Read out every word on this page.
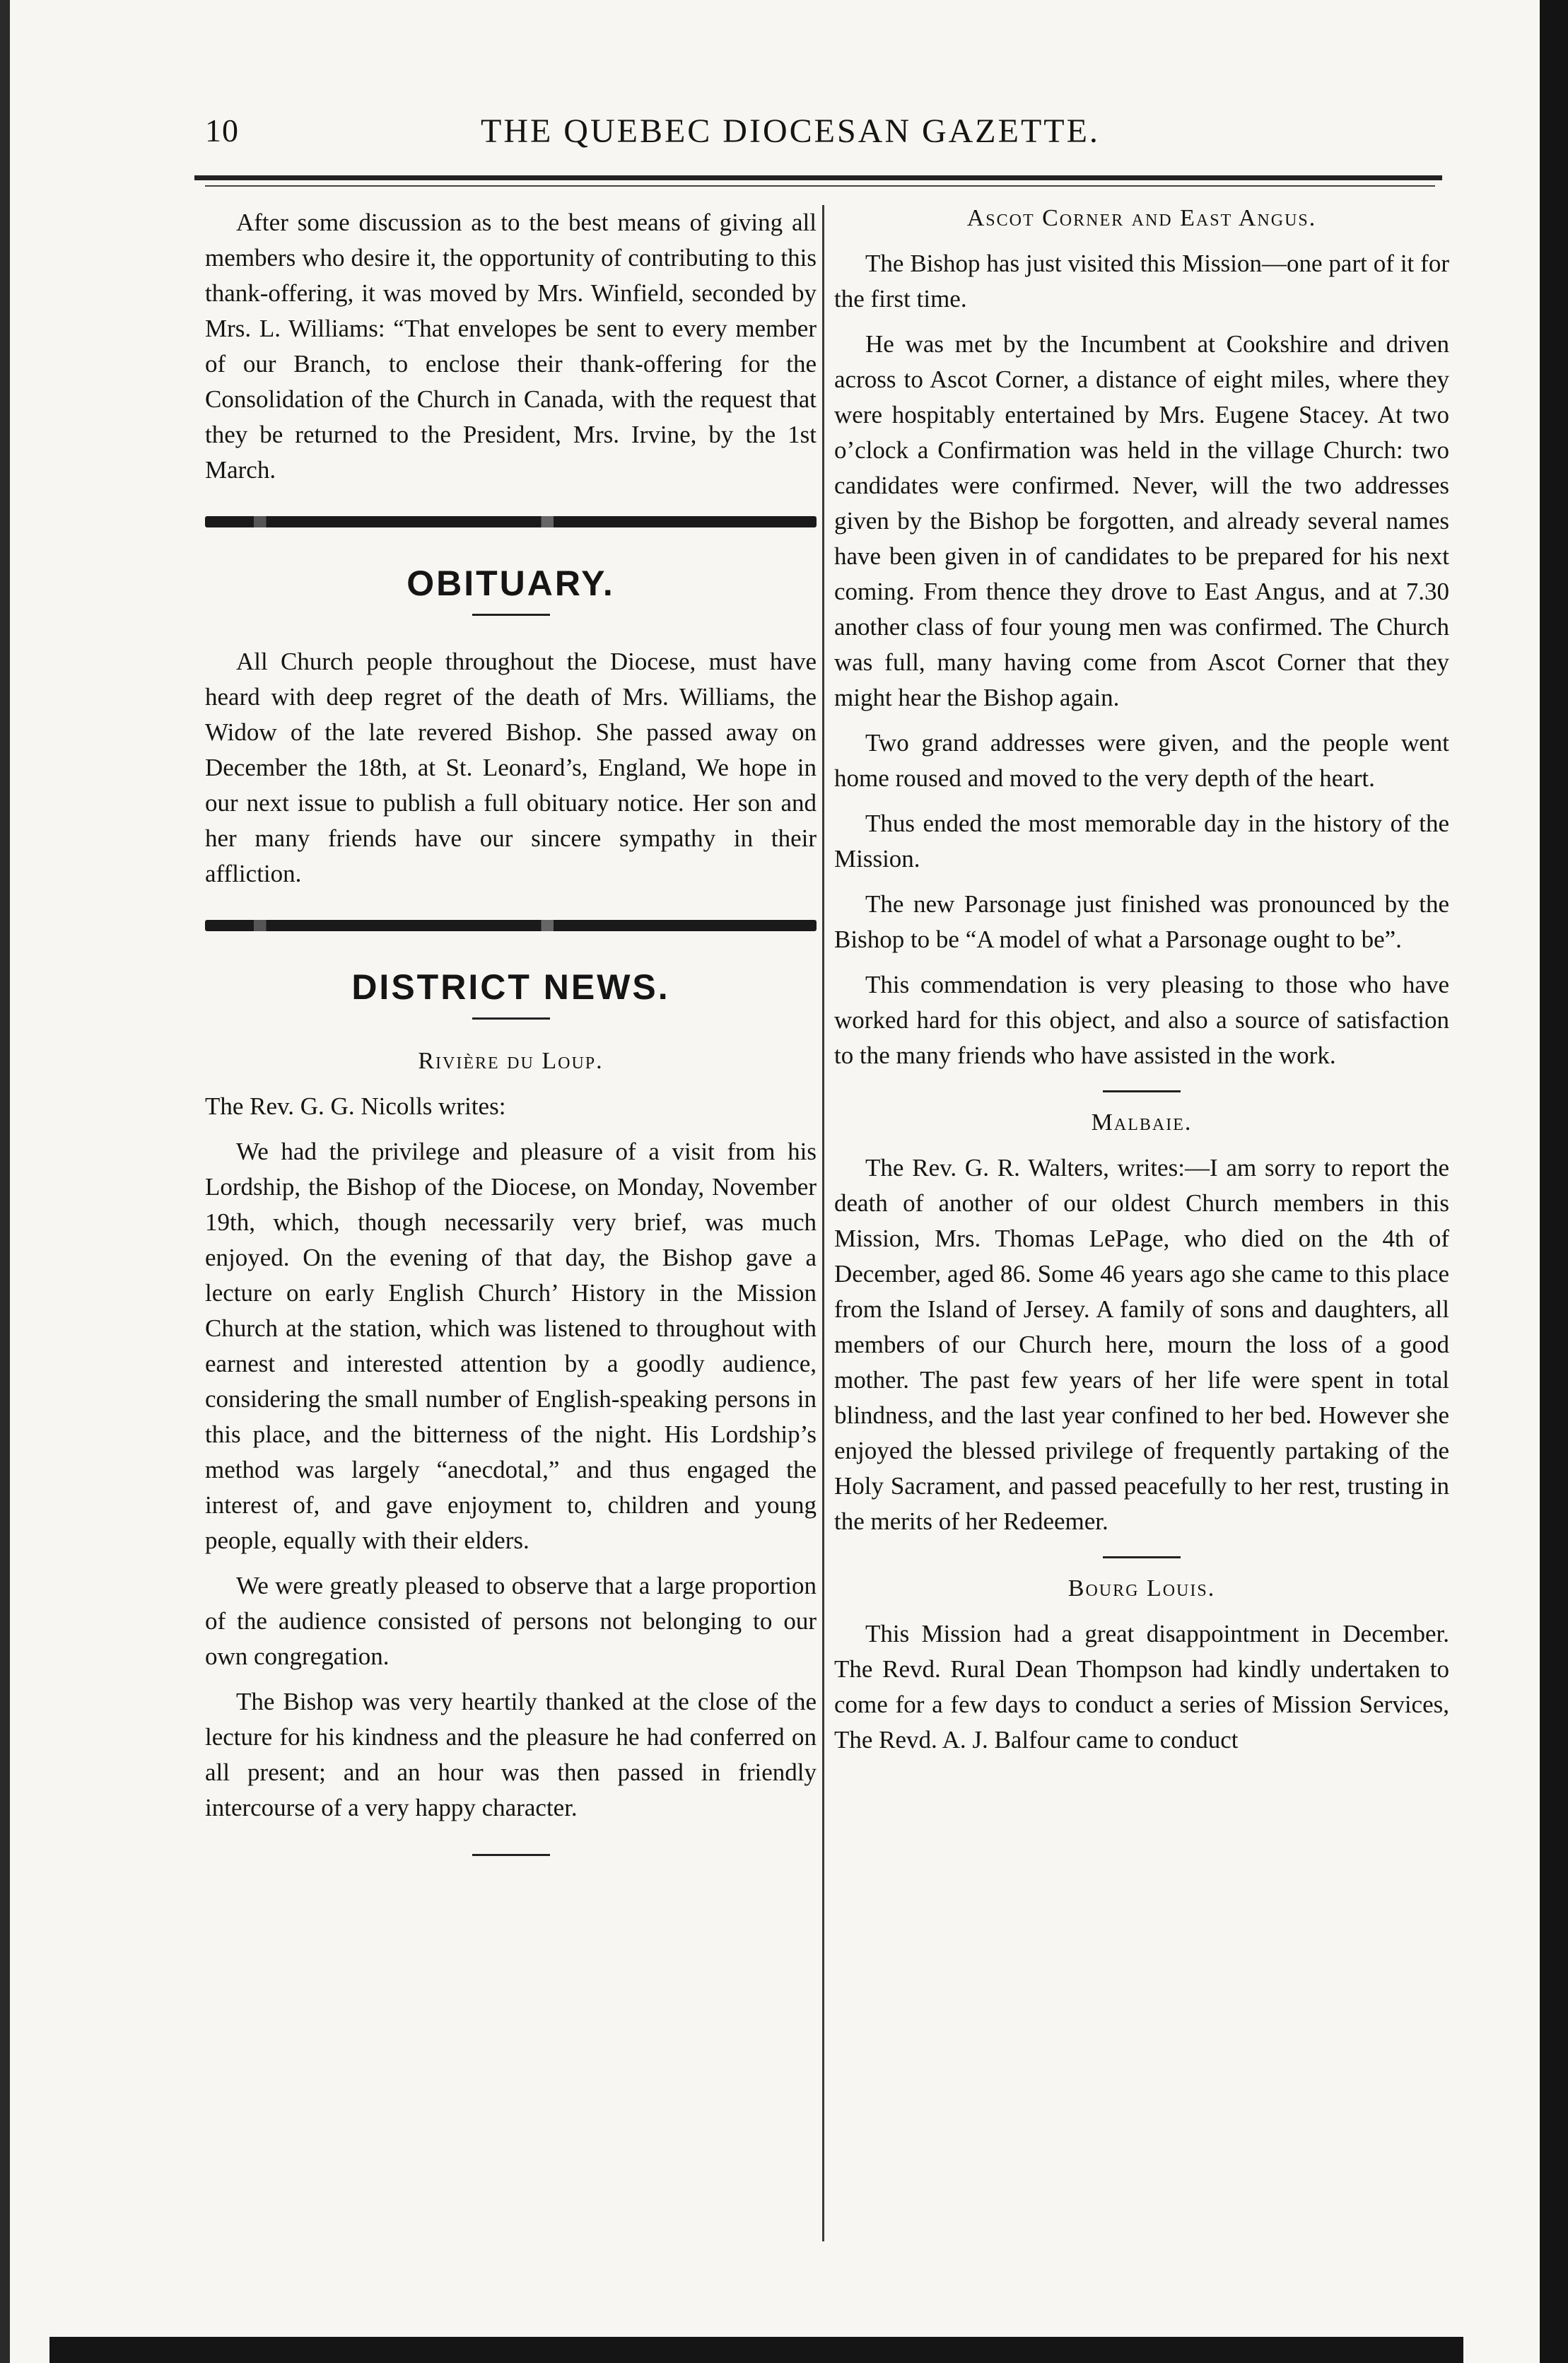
10	THE QUEBEC DIOCESAN GAZETTE.

After some discussion as to the best means of giving all members who desire it, the opportunity of contributing to this thank-offering, it was moved by Mrs. Winfield, seconded by Mrs. L. Williams: “That envelopes be sent to every member of our Branch, to enclose their thank-offering for the Consolidation of the Church in Canada, with the request that they be returned to the President, Mrs. Irvine, by the 1st March.

OBITUARY.

All Church people throughout the Diocese, must have heard with deep regret of the death of Mrs. Williams, the Widow of the late revered Bishop. She passed away on December the 18th, at St. Leonard’s, England, We hope in our next issue to publish a full obituary notice. Her son and her many friends have our sincere sympathy in their affliction.

DISTRICT NEWS.
Rivière du Loup.

The Rev. G. G. Nicolls writes:

We had the privilege and pleasure of a visit from his Lordship, the Bishop of the Diocese, on Monday, November 19th, which, though necessarily very brief, was much enjoyed. On the evening of that day, the Bishop gave a lecture on early English Church’ History in the Mission Church at the station, which was listened to throughout with earnest and interested attention by a goodly audience, considering the small number of English-speaking persons in this place, and the bitterness of the night. His Lordship’s method was largely “anecdotal,” and thus engaged the interest of, and gave enjoyment to, children and young people, equally with their elders.

We were greatly pleased to observe that a large proportion of the audience consisted of persons not belonging to our own congregation.

The Bishop was very heartily thanked at the close of the lecture for his kindness and the pleasure he had conferred on all present; and an hour was then passed in friendly intercourse of a very happy character.

Ascot Corner and East Angus.

The Bishop has just visited this Mission—one part of it for the first time.

He was met by the Incumbent at Cookshire and driven across to Ascot Corner, a distance of eight miles, where they were hospitably entertained by Mrs. Eugene Stacey. At two o’clock a Confirmation was held in the village Church: two candidates were confirmed. Never, will the two addresses given by the Bishop be forgotten, and already several names have been given in of candidates to be prepared for his next coming. From thence they drove to East Angus, and at 7.30 another class of four young men was confirmed. The Church was full, many having come from Ascot Corner that they might hear the Bishop again.

Two grand addresses were given, and the people went home roused and moved to the very depth of the heart.

Thus ended the most memorable day in the history of the Mission.

The new Parsonage just finished was pronounced by the Bishop to be “A model of what a Parsonage ought to be”.

This commendation is very pleasing to those who have worked hard for this object, and also a source of satisfaction to the many friends who have assisted in the work.

Malbaie.

The Rev. G. R. Walters, writes:—I am sorry to report the death of another of our oldest Church members in this Mission, Mrs. Thomas LePage, who died on the 4th of December, aged 86. Some 46 years ago she came to this place from the Island of Jersey. A family of sons and daughters, all members of our Church here, mourn the loss of a good mother. The past few years of her life were spent in total blindness, and the last year confined to her bed. However she enjoyed the blessed privilege of frequently partaking of the Holy Sacrament, and passed peacefully to her rest, trusting in the merits of her Redeemer.

Bourg Louis.

This Mission had a great disappointment in December. The Revd. Rural Dean Thompson had kindly undertaken to come for a few days to conduct a series of Mission Services, The Revd. A. J. Balfour came to conduct
